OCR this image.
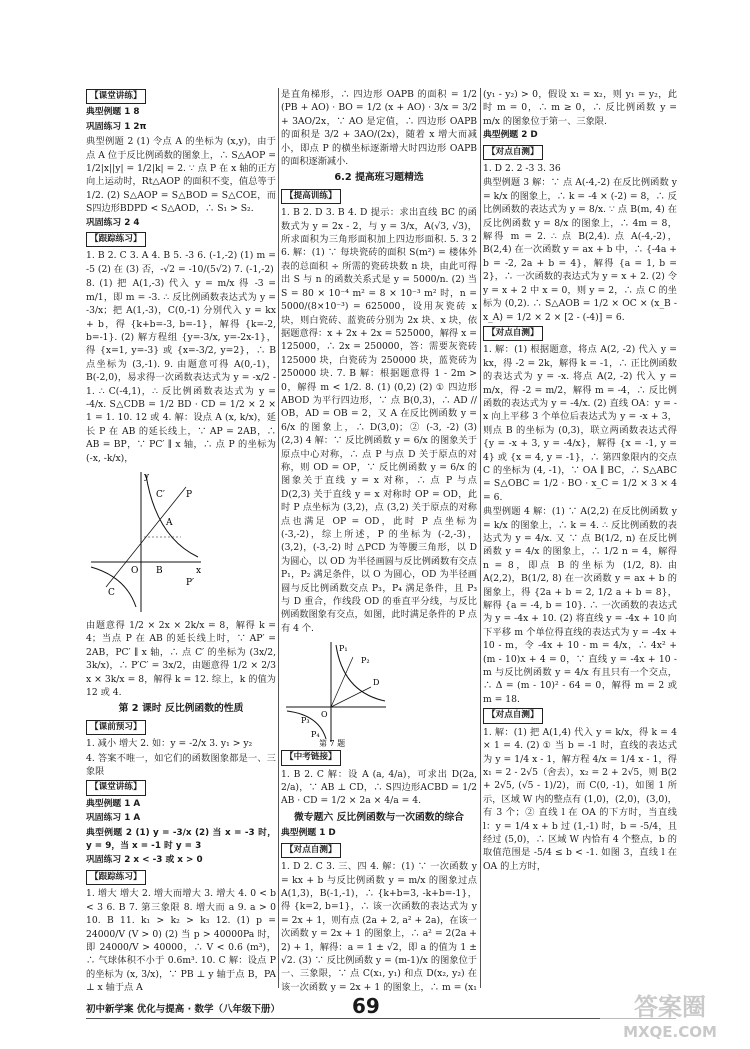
【课堂讲练】
典型例题 1 8
巩固练习 1 2π
典型例题 2 (1) 令点 A 的坐标为 (x,y)，由于点 A 位于反比例函数的图象上，∴ S△AOP = 1/2|x||y| = 1/2|k| = 2. ∵ 点 P 在 x 轴的正方向上运动时，Rt△AOP 的面积不变，值总等于 1/2. (2) S△AOP = S△BOD = S△COE，而 S四边形BDPD < S△AOD，∴ S₁ > S₂.
巩固练习 2 4
【跟踪练习】
1. B 2. C 3. A 4. B 5. -3 6. (-1,-2) (1) m = -5 (2) 在 (3) 否，-√2 = -10/(5√2) 7. (-1,-2)
8. (1) 把 A(1,-3) 代入 y = m/x 得 -3 = m/1，即 m = -3. ∴ 反比例函数表达式为 y = -3/x；把 A(1,-3)，C(0,-1) 分别代入 y = kx + b，得 {k+b=-3, b=-1}，解得 {k=-2, b=-1}. (2) 解方程组 {y=-3/x, y=-2x-1}，得 {x=1, y=-3} 或 {x=-3/2, y=2}，∴ B 点坐标为 (3,-1). 9. 由题意可得 A(0,-1)，B(-2,0)，易求得一次函数表达式为 y = -x/2 - 1. ∴ C(-4,1)，∴ 反比例函数表达式为 y = -4/x. S△CDB = 1/2 BD · CD = 1/2 × 2 × 1 = 1. 10. 12 或 4. 解：设点 A (x, k/x)，延长 P 在 AB 的延长线上，∵ AP = 2AB，∴ AB = BP，∵ PC′ ∥ x 轴，∴ 点 P 的坐标为 (-x, -k/x)，
y
x
O
A
B
C
C′ P
P′
由题意得 1/2 × 2x × 2k/x = 8，解得 k = 4；当点 P 在 AB 的延长线上时，∵ AP′ = 2AB，PC′ ∥ x 轴，∴ 点 C′ 的坐标为 (3x/2, 3k/x)，∴ P′C′ = 3x/2，由题意得 1/2 × 2/3 x × 3k/x = 8，解得 k = 12. 综上，k 的值为 12 或 4.
第 2 课时 反比例函数的性质
【课前预习】
1. 减小 增大 2. 如：y = -2/x 3. y₁ > y₂
4. 答案不唯一，如它们的函数图象都是一、三象限
【课堂讲练】
典型例题 1 A
巩固练习 1 A
典型例题 2 (1) y = -3/x (2) 当 x = -3 时，y = 9，当 x = -1 时 y = 3
巩固练习 2 x < -3 或 x > 0
【跟踪练习】
1. 增大 增大 2. 增大而增大 3. 增大 4. 0 < b < 3 6. B 7. 第三象限 8. 增大而 a 9. a > 0 10. B 11. k₁ > k₂ > k₃ 12. (1) p = 24000/V (V > 0) (2) 当 p > 40000Pa 时，即 24000/V > 40000，∴ V < 0.6 (m³)，∴ 气球体积不小于 0.6m³. 10. C 解：设点 P 的坐标为 (x, 3/x)，∵ PB ⊥ y 轴于点 B，PA ⊥ x 轴于点 A
是直角梯形，∴ 四边形 OAPB 的面积 = 1/2 (PB + AO) · BO = 1/2 (x + AO) · 3/x = 3/2 + 3AO/2x，∵ AO 是定值，∴ 四边形 OAPB 的面积是 3/2 + 3AO/(2x)，随着 x 增大而减小，即点 P 的横坐标逐渐增大时四边形 OAPB 的面积逐渐减小.
6.2 提高班习题精选
【提高训练】
1. B 2. D 3. B 4. D 提示：求出直线 BC 的函数式为 y = 2x - 2，与 y = 3/x，A(√3, √3)，所求面积为三角形面积加上四边形面积. 5. 3 2 6. 解：(1) ∵ 每块瓷砖的面积 S(m²) = 楼体外表的总面积 ÷ 所需的瓷砖块数 n 块，由此可得出 S 与 n 的函数关系式是 y = 5000/n. (2) 当 S = 80 × 10⁻⁴ m² = 8 × 10⁻³ m² 时，n = 5000/(8×10⁻³) = 625000，设用灰瓷砖 x 块，则白瓷砖、蓝瓷砖分别为 2x 块、x 块，依据题意得：x + 2x + 2x = 525000，解得 x = 125000，∴ 2x = 250000，答：需要灰瓷砖 125000 块，白瓷砖为 250000 块，蓝瓷砖为 250000 块. 7. B 解：根据题意得 1 - 2m > 0，解得 m < 1/2. 8. (1) (0,2) (2) ① 四边形 ABOD 为平行四边形，∵ 点 B(0,3)，∴ AD // OB，AD = OB = 2，又 A 在反比例函数 y = 6/x 的图象上，∴ D(3,0)；② (-3, -2) (3) (2,3) 4 解：∵ 反比例函数 y = 6/x 的图象关于原点中心对称，∴ 点 P 与点 D 关于原点的对称，则 OD = OP，∵ 反比例函数 y = 6/x 的图象关于直线 y = x 对称，∴ 点 P 与点 D(2,3) 关于直线 y = x 对称时 OP = OD，此时 P 点坐标为 (3,2)，点 (3,2) 关于原点的对称点也满足 OP = OD，此时 P 点坐标为 (-3,-2)，综上所述，P 的坐标为 (-2,-3)，(3,2)，(-3,-2) 时 △PCD 为等腰三角形，以 D 为圆心，以 OD 为半径画圆与反比例函数有交点 P₁，P₂ 满足条件，以 O 为圆心，OD 为半径画圆与反比例函数交点 P₃，P₄ 满足条件，且 P₃ 与 D 重合，作线段 OD 的垂直平分线，与反比例函数图象有交点，如图，此时满足条件的 P 点有 4 个.
P₁
P₂
D
O
P₃
P₄
第 7 题
【中考链接】
1. B 2. C 解：设 A (a, 4/a)，可求出 D(2a, 2/a)，∵ AB ⊥ CD，∴ S四边形ACBD = 1/2 AB · CD = 1/2 × 2a × 4/a = 4.
微专题六 反比例函数与一次函数的综合
典型例题 1 D
【对点自测】
1. D 2. C 3. 三、四 4. 解：(1) ∵ 一次函数 y = kx + b 与反比例函数 y = m/x 的图象过点 A(1,3)，B(-1,-1)，∴ {k+b=3, -k+b=-1}，得 {k=2, b=1}，∴ 该一次函数的表达式为 y = 2x + 1，则有点 (2a + 2, a² + 2a)，在该一次函数 y = 2x + 1 的图象上，∴ a² = 2(2a + 2) + 1，解得：a = 1 ± √2，即 a 的值为 1 ± √2. (3) ∵ 反比例函数 y = (m-1)/x 的图象位于一、三象限，∵ 点 C(x₁, y₁) 和点 D(x₂, y₂) 在该一次函数 y = 2x + 1 的图象上，∴ m = (x₁
(y₁ - y₂) > 0，假设 x₁ = x₂，则 y₁ = y₂，此时 m = 0，∴ m ≥ 0，∴ 反比例函数 y = m/x 的图象位于第一、三象限.
典型例题 2 D
【对点自测】
1. D 2. 2 -3 3. 36
典型例题 3 解：∵ 点 A(-4,-2) 在反比例函数 y = k/x 的图象上，∴ k = -4 × (-2) = 8，∴ 反比例函数的表达式为 y = 8/x. ∵ 点 B(m, 4) 在反比例函数 y = 8/x 的图象上，∴ 4m = 8，解得 m = 2. ∴ 点 B(2,4). 点 A(-4,-2)，B(2,4) 在一次函数 y = ax + b 中，∴ {-4a + b = -2, 2a + b = 4}，解得 {a = 1, b = 2}，∴ 一次函数的表达式为 y = x + 2. (2) 令 y = x + 2 中 x = 0，则 y = 2，∴ 点 C 的坐标为 (0,2). ∴ S△AOB = 1/2 × OC × (x_B - x_A) = 1/2 × 2 × [2 - (-4)] = 6.
【对点自测】
1. 解：(1) 根据题意，将点 A(2, -2) 代入 y = kx，得 -2 = 2k，解得 k = -1，∴ 正比例函数的表达式为 y = -x. 将点 A(2, -2) 代入 y = m/x，得 -2 = m/2，解得 m = -4，∴ 反比例函数的表达式为 y = -4/x. (2) 直线 OA：y = -x 向上平移 3 个单位后表达式为 y = -x + 3，则点 B 的坐标为 (0,3)，联立两函数表达式得 {y = -x + 3, y = -4/x}，解得 {x = -1, y = 4} 或 {x = 4, y = -1}，∴ 第四象限内的交点 C 的坐标为 (4, -1)，∵ OA ∥ BC，∴ S△ABC = S△OBC = 1/2 · BO · x_C = 1/2 × 3 × 4 = 6.
典型例题 4 解：(1) ∵ A(2,2) 在反比例函数 y = k/x 的图象上，∴ k = 4. ∴ 反比例函数的表达式为 y = 4/x. 又 ∵ 点 B(1/2, n) 在反比例函数 y = 4/x 的图象上，∴ 1/2 n = 4，解得 n = 8，即点 B 的坐标为 (1/2, 8). 由 A(2,2)，B(1/2, 8) 在一次函数 y = ax + b 的图象上，得 {2a + b = 2, 1/2 a + b = 8}，解得 {a = -4, b = 10}. ∴ 一次函数的表达式为 y = -4x + 10. (2) 将直线 y = -4x + 10 向下平移 m 个单位得直线的表达式为 y = -4x + 10 - m，令 -4x + 10 - m = 4/x，∴ 4x² + (m - 10)x + 4 = 0，∵ 直线 y = -4x + 10 - m 与反比例函数 y = 4/x 有且只有一个交点，∴ Δ = (m - 10)² - 64 = 0，解得 m = 2 或 m = 18.
【对点自测】
1. 解：(1) 把 A(1,4) 代入 y = k/x，得 k = 4 × 1 = 4. (2) ① 当 b = -1 时，直线的表达式为 y = 1/4 x - 1，解方程 4/x = 1/4 x - 1，得 x₁ = 2 - 2√5（舍去），x₂ = 2 + 2√5，则 B(2 + 2√5, (√5 - 1)/2)，而 C(0, -1)，如图 1 所示，区域 W 内的整点有 (1,0)，(2,0)，(3,0)，有 3 个；② 直线 l 在 OA 的下方时，当直线 l：y = 1/4 x + b 过 (1,-1) 时，b = -5/4，且经过 (5,0)，∴ 区域 W 内恰有 4 个整点，b 的取值范围是 -5/4 ≤ b < -1. 如图 3，直线 l 在 OA 的上方时，
初中新学案 优化与提高 · 数学（八年级下册）	69	答案圈
MXQE.COM
